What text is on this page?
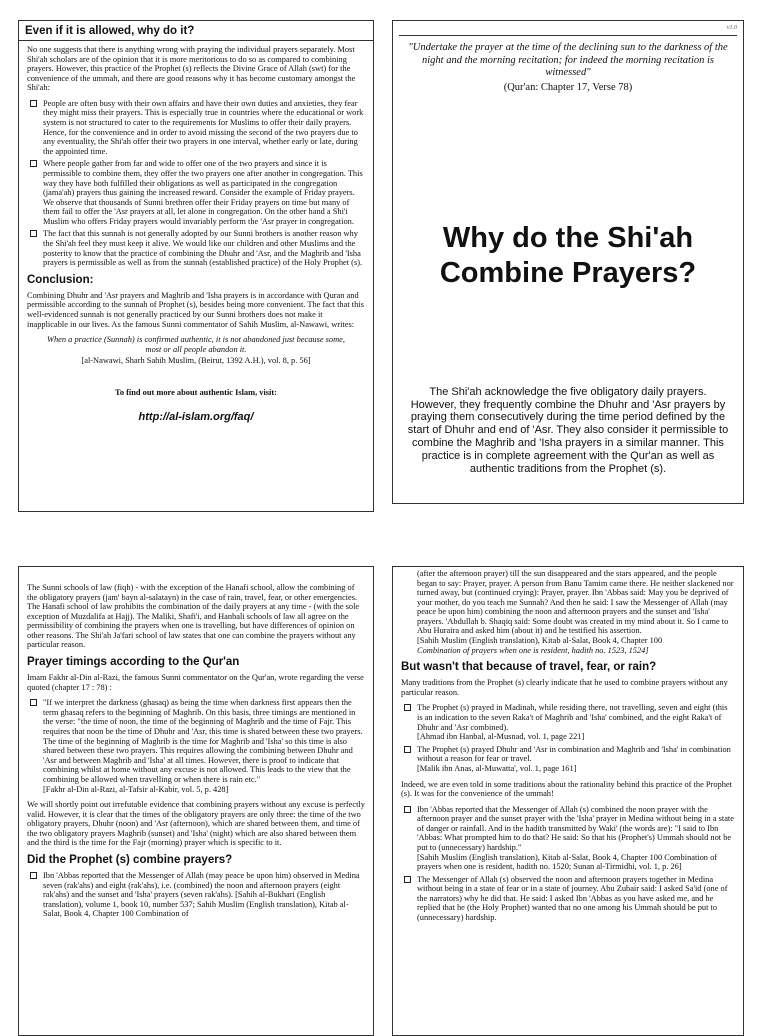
Even if it is allowed, why do it?

No one suggests that there is anything wrong with praying the individual prayers separately. Most Shi'ah scholars are of the opinion that it is more meritorious to do so as compared to combining prayers. However, this practice of the Prophet (s) reflects the Divine Grace of Allah (swt) for the convenience of the ummah, and there are good reasons why it has become customary amongst the Shi'ah:

People are often busy with their own affairs and have their own duties and anxieties, they fear they might miss their prayers. This is especially true in countries where the educational or work system is not structured to cater to the requirements for Muslims to offer their daily prayers. Hence, for the convenience and in order to avoid missing the second of the two prayers due to any eventuality, the Shi'ah offer their two prayers in one interval, whether early or late, during the appointed time.
Where people gather from far and wide to offer one of the two prayers and since it is permissible to combine them, they offer the two prayers one after another in congregation. This way they have both fulfilled their obligations as well as participated in the congregation (jama'ah) prayers thus gaining the increased reward. Consider the example of Friday prayers. We observe that thousands of Sunni brethren offer their Friday prayers on time but many of them fail to offer the 'Asr prayers at all, let alone in congregation. On the other hand a Shi'i Muslim who offers Friday prayers would invariably perform the 'Asr prayer in congregation.
The fact that this sunnah is not generally adopted by our Sunni brothers is another reason why the Shi'ah feel they must keep it alive. We would like our children and other Muslims and the posterity to know that the practice of combining the Dhuhr and 'Asr, and the Maghrib and 'Isha prayers is permissible as well as from the sunnah (established practice) of the Holy Prophet (s).
Conclusion:

Combining Dhuhr and 'Asr prayers and Maghrib and 'Isha prayers is in accordance with Quran and permissible according to the sunnah of Prophet (s), besides being more convenient. The fact that this well-evidenced sunnah is not generally practiced by our Sunni brothers does not make it inapplicable in our lives. As the famous Sunni commentator of Sahih Muslim, al-Nawawi, writes:

When a practice (Sunnah) is confirmed authentic, it is not abandoned just because some, most or all people abandon it.
[al-Nawawi, Sharh Sahih Muslim, (Beirut, 1392 A.H.), vol. 8, p. 56]
To find out more about authentic Islam, visit:
http://al-islam.org/faq/
v1.0
"Undertake the prayer at the time of the declining sun to the darkness of the night and the morning recitation; for indeed the morning recitation is witnessed"
(Qur'an: Chapter 17, Verse 78)
Why do the Shi'ah
Combine Prayers?
The Shi'ah acknowledge the five obligatory daily prayers. However, they frequently combine the Dhuhr and 'Asr prayers by praying them consecutively during the time period defined by the start of Dhuhr and end of 'Asr. They also consider it permissible to combine the Maghrib and 'Isha prayers in a similar manner. This practice is in complete agreement with the Qur'an as well as authentic traditions from the Prophet (s).

The Sunni schools of law (fiqh) - with the exception of the Hanafi school, allow the combining of the obligatory prayers (jam' bayn al-salatayn) in the case of rain, travel, fear, or other emergencies. The Hanafi school of law prohibits the combination of the daily prayers at any time - (with the sole exception of Muzdalifa at Hajj). The Maliki, Shafi'i, and Hanbali schools of law all agree on the permissibility of combining the prayers when one is travelling, but have differences of opinion on other reasons. The Shi'ah Ja'fari school of law states that one can combine the prayers without any particular reason.

Prayer timings according to the Qur'an

Imam Fakhr al-Din al-Razi, the famous Sunni commentator on the Qur'an, wrote regarding the verse quoted (chapter 17 : 78) :

"If we interpret the darkness (ghasaq) as being the time when darkness first appears then the term ghasaq refers to the beginning of Maghrib. On this basis, three timings are mentioned in the verse: "the time of noon, the time of the beginning of Maghrib and the time of Fajr. This requires that noon be the time of Dhuhr and 'Asr, this time is shared between these two prayers. The time of the beginning of Maghrib is the time for Maghrib and 'Isha' so this time is also shared between these two prayers. This requires allowing the combining between Dhuhr and 'Asr and between Maghrib and 'Isha' at all times. However, there is proof to indicate that combining whilst at home without any excuse is not allowed. This leads to the view that the combining be allowed when travelling or when there is rain etc."
[Fakhr al-Din al-Razi, al-Tafsir al-Kabir, vol. 5, p. 428]

We will shortly point out irrefutable evidence that combining prayers without any excuse is perfectly valid. However, it is clear that the times of the obligatory prayers are only three: the time of the two obligatory prayers, Dhuhr (noon) and 'Asr (afternoon), which are shared between them, and time of the two obligatory prayers Maghrib (sunset) and 'Isha' (night) which are also shared between them and the third is the time for the Fajr (morning) prayer which is specific to it.

Did the Prophet (s) combine prayers?
Ibn 'Abbas reported that the Messenger of Allah (may peace be upon him) observed in Medina seven (rak'ahs) and eight (rak'ahs), i.e. (combined) the noon and afternoon prayers (eight rak'ahs) and the sunset and 'Isha' prayers (seven rak'ahs). [Sahih al-Bukhari (English translation), volume 1, book 10, number 537; Sahih Muslim (English translation), Kitab al-Salat, Book 4, Chapter 100 Combination of
(after the afternoon prayer) till the sun disappeared and the stars appeared, and the people began to say: Prayer, prayer. A person from Banu Tamim came there. He neither slackened nor turned away, but (continued crying): Prayer, prayer. Ibn 'Abbas said: May you be deprived of your mother, do you teach me Sunnah? And then he said: I saw the Messenger of Allah (may peace be upon him) combining the noon and afternoon prayers and the sunset and 'Isha' prayers. 'Abdullah b. Shaqiq said: Some doubt was created in my mind about it. So I came to Abu Huraira and asked him (about it) and he testified his assertion.
[Sahih Muslim (English translation), Kitab al-Salat, Book 4, Chapter 100
Combination of prayers when one is resident, hadith no. 1523, 1524]
But wasn't that because of travel, fear, or rain?

Many traditions from the Prophet (s) clearly indicate that he used to combine prayers without any particular reason.

The Prophet (s) prayed in Madinah, while residing there, not travelling, seven and eight (this is an indication to the seven Raka't of Maghrib and 'Isha' combined, and the eight Raka't of Dhuhr and 'Asr combined).
[Ahmad ibn Hanbal, al-Musnad, vol. 1, page 221]
The Prophet (s) prayed Dhuhr and 'Asr in combination and Maghrib and 'Isha' in combination without a reason for fear or travel.
[Malik ibn Anas, al-Muwatta', vol. 1, page 161]

Indeed, we are even told in some traditions about the rationality behind this practice of the Prophet (s). It was for the convenience of the ummah!

Ibn 'Abbas reported that the Messenger of Allah (s) combined the noon prayer with the afternoon prayer and the sunset prayer with the 'Isha' prayer in Medina without being in a state of danger or rainfall. And in the hadith transmitted by Waki' (the words are): "I said to Ibn 'Abbas: What prompted him to do that? He said: So that his (Prophet's) Ummah should not be put to (unnecessary) hardship."
[Sahih Muslim (English translation), Kitab al-Salat, Book 4, Chapter 100 Combination of prayers when one is resident, hadith no. 1520; Sunan al-Tirmidhi, vol. 1, p. 26]
The Messenger of Allah (s) observed the noon and afternoon prayers together in Medina without being in a state of fear or in a state of journey. Abu Zubair said: I asked Sa'id (one of the narrators) why he did that. He said: I asked Ibn 'Abbas as you have asked me, and he replied that he (the Holy Prophet) wanted that no one among his Ummah should be put to (unnecessary) hardship.
